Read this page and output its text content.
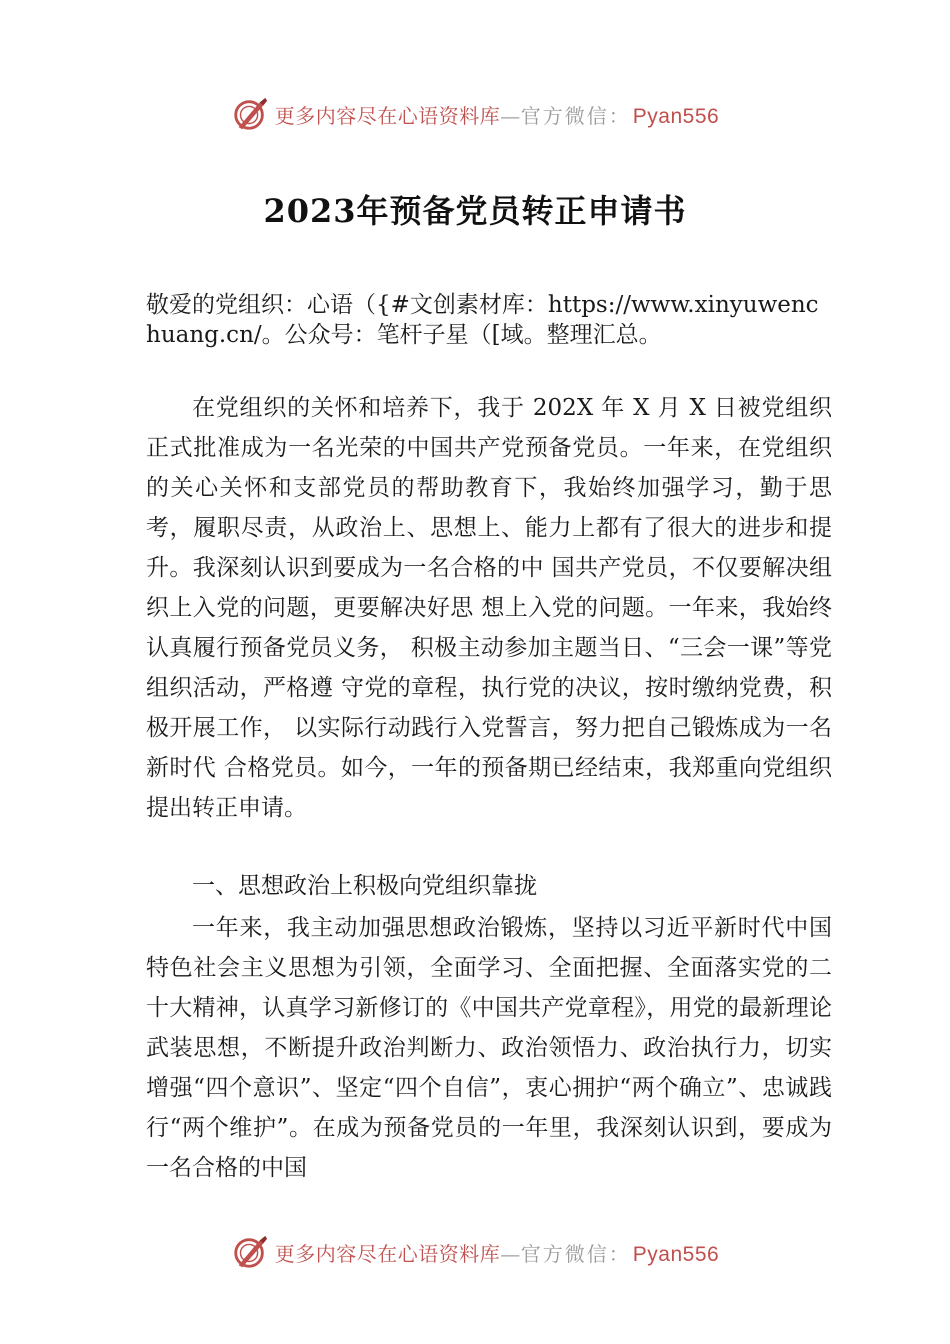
更多内容尽在心语资料库—官方微信：Pyan556
2023年预备党员转正申请书
敬爱的党组织：心语（{#文创素材库：https://www.xinyuwenchuang.cn/。公众号：笔杆子星（[域。整理汇总。

在党组织的关怀和培养下，我于 202X 年 X 月 X 日被党组织正式批准成为一名光荣的中国共产党预备党员。一年来，在党组织的关心关怀和支部党员的帮助教育下，我始终加强学习，勤于思考，履职尽责，从政治上、思想上、能力上都有了很大的进步和提升。我深刻认识到要成为一名合格的中 国共产党员，不仅要解决组织上入党的问题，更要解决好思 想上入党的问题。一年来，我始终认真履行预备党员义务， 积极主动参加主题当日、“三会一课”等党组织活动，严格遵 守党的章程，执行党的决议，按时缴纳党费，积极开展工作， 以实际行动践行入党誓言，努力把自己锻炼成为一名新时代 合格党员。如今，一年的预备期已经结束，我郑重向党组织 提出转正申请。

一、思想政治上积极向党组织靠拢

一年来，我主动加强思想政治锻炼，坚持以习近平新时代中国特色社会主义思想为引领，全面学习、全面把握、全面落实党的二十大精神，认真学习新修订的《中国共产党章程》，用党的最新理论武装思想，不断提升政治判断力、政治领悟力、政治执行力，切实增强“四个意识”、坚定“四个自信”，衷心拥护“两个确立”、忠诚践行“两个维护”。在成为预备党员的一年里，我深刻认识到，要成为一名合格的中国

更多内容尽在心语资料库—官方微信：Pyan556
